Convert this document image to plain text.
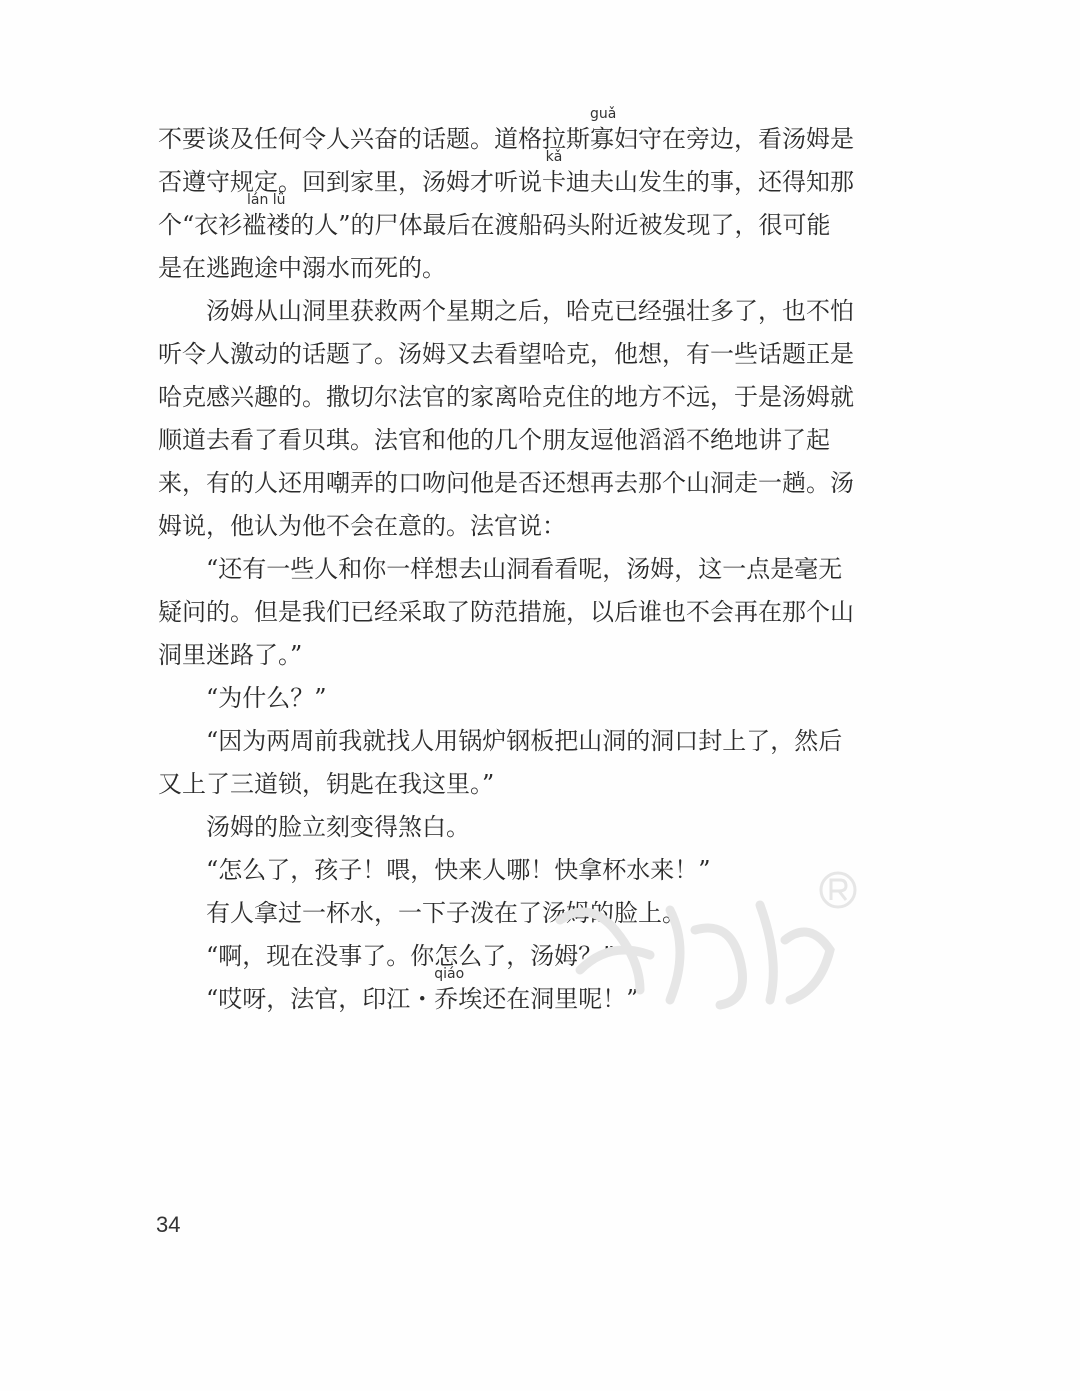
不要谈及任何令人兴奋的话题。道格拉斯
guǎ
寡妇守在旁边，看汤姆是
否遵守规定。回到家里，汤姆才听说
kǎ
卡迪夫山发生的事，还得知那
个“衣衫
lán lǚ
褴褛的人”的尸体最后在渡船码头附近被发现了，很可能
是在逃跑途中溺水而死的。
汤姆从山洞里获救两个星期之后，哈克已经强壮多了，也不怕
听令人激动的话题了。汤姆又去看望哈克，他想，有一些话题正是
哈克感兴趣的。撒切尔法官的家离哈克住的地方不远，于是汤姆就
顺道去看了看贝琪。法官和他的几个朋友逗他滔滔不绝地讲了起
来，有的人还用嘲弄的口吻问他是否还想再去那个山洞走一趟。汤
姆说，他认为他不会在意的。法官说：
“还有一些人和你一样想去山洞看看呢，汤姆，这一点是毫无
疑问的。但是我们已经采取了防范措施，以后谁也不会再在那个山
洞里迷路了。”
“为什么？”
“因为两周前我就找人用锅炉钢板把山洞的洞口封上了，然后
又上了三道锁，钥匙在我这里。”
汤姆的脸立刻变得煞白。
“怎么了，孩子！喂，快来人哪！快拿杯水来！”
有人拿过一杯水，一下子泼在了汤姆的脸上。
“啊，现在没事了。你怎么了，汤姆？”
“哎呀，法官，印江・
qiáo
乔埃还在洞里呢！”
34
